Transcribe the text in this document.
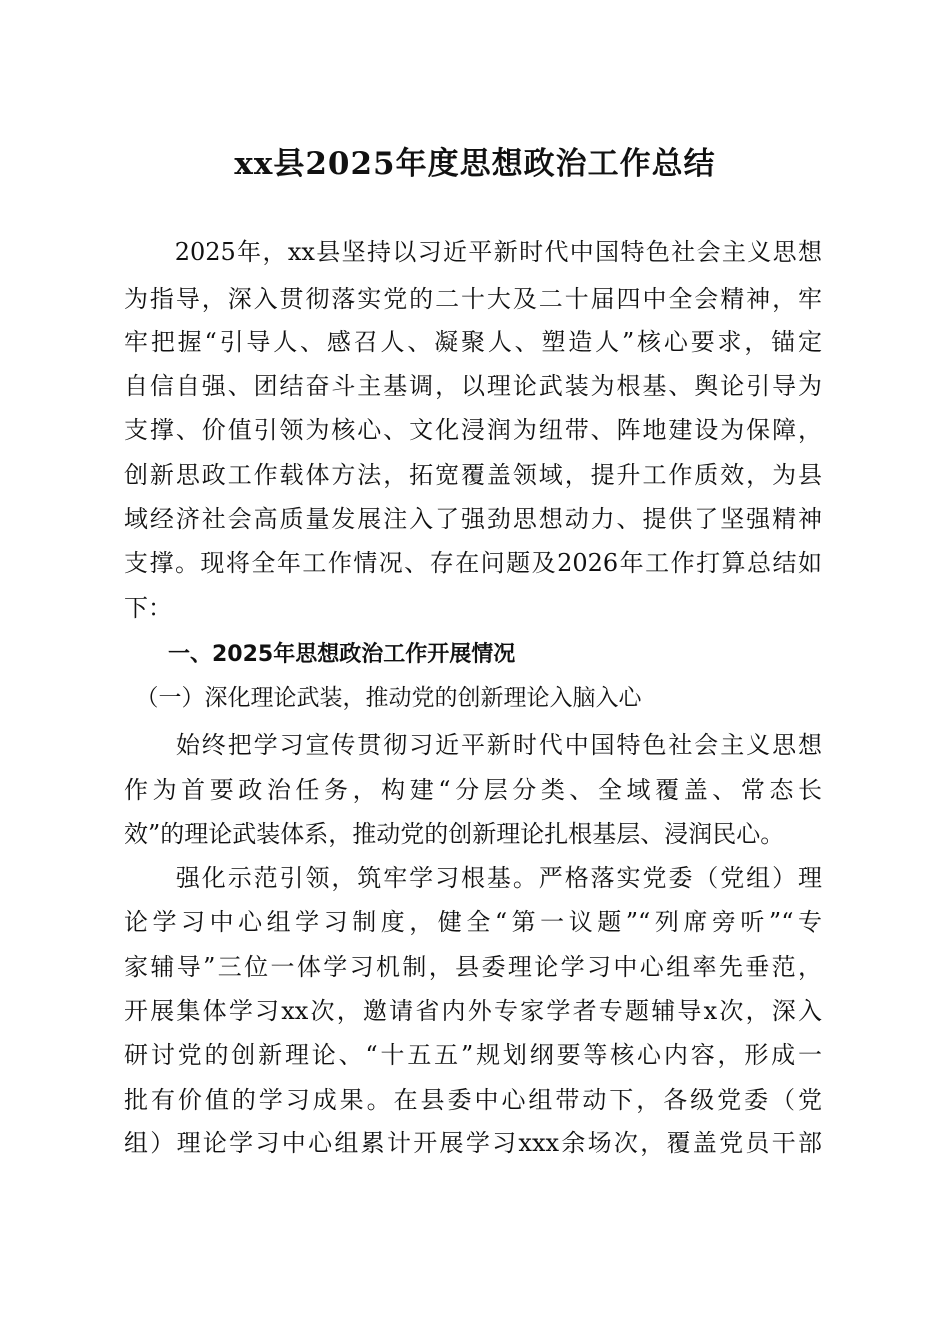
xx县2025年度思想政治工作总结
　　2025年，xx县坚持以习近平新时代中国特色社会主义思想
为指导，深入贯彻落实党的二十大及二十届四中全会精神，牢
牢把握“引导人、感召人、凝聚人、塑造人”核心要求，锚定
自信自强、团结奋斗主基调，以理论武装为根基、舆论引导为
支撑、价值引领为核心、文化浸润为纽带、阵地建设为保障，
创新思政工作载体方法，拓宽覆盖领域，提升工作质效，为县
域经济社会高质量发展注入了强劲思想动力、提供了坚强精神
支撑。现将全年工作情况、存在问题及2026年工作打算总结如
下：
　　一、2025年思想政治工作开展情况
　（一）深化理论武装，推动党的创新理论入脑入心
　　始终把学习宣传贯彻习近平新时代中国特色社会主义思想
作为首要政治任务，构建“分层分类、全域覆盖、常态长
效”的理论武装体系，推动党的创新理论扎根基层、浸润民心。
　　强化示范引领，筑牢学习根基。严格落实党委（党组）理
论学习中心组学习制度，健全“第一议题”“列席旁听”“专
家辅导”三位一体学习机制，县委理论学习中心组率先垂范，
开展集体学习xx次，邀请省内外专家学者专题辅导x次，深入
研讨党的创新理论、“十五五”规划纲要等核心内容，形成一
批有价值的学习成果。在县委中心组带动下，各级党委（党
组）理论学习中心组累计开展学习xxx余场次，覆盖党员干部
